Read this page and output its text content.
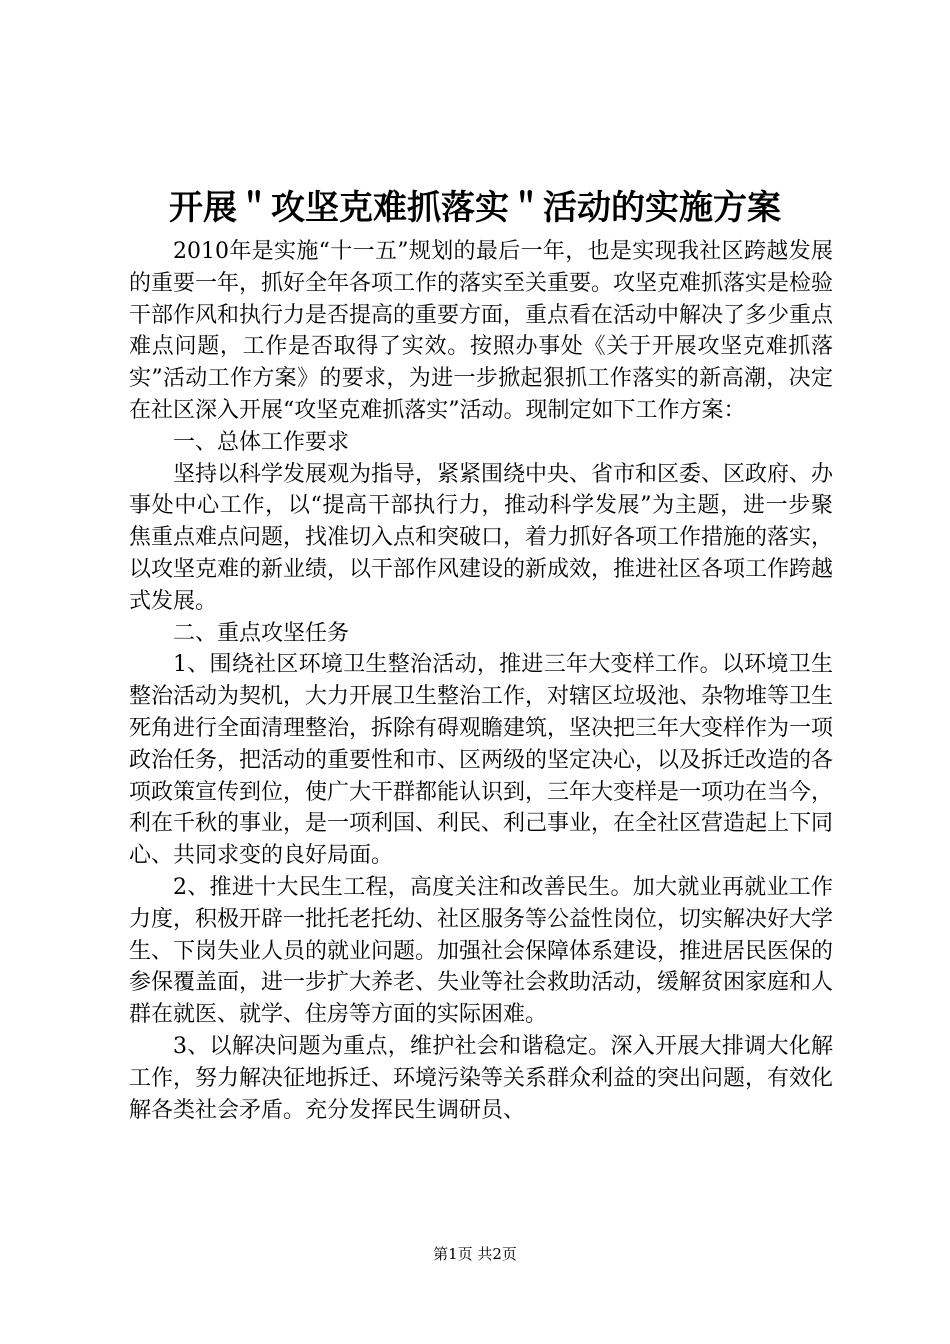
开展＂攻坚克难抓落实＂活动的实施方案

2010年是实施“十一五”规划的最后一年，也是实现我社区跨越发展的重要一年，抓好全年各项工作的落实至关重要。攻坚克难抓落实是检验干部作风和执行力是否提高的重要方面，重点看在活动中解决了多少重点难点问题，工作是否取得了实效。按照办事处《关于开展攻坚克难抓落实”活动工作方案》的要求，为进一步掀起狠抓工作落实的新高潮，决定在社区深入开展“攻坚克难抓落实”活动。现制定如下工作方案：

一、总体工作要求

坚持以科学发展观为指导，紧紧围绕中央、省市和区委、区政府、办事处中心工作，以“提高干部执行力，推动科学发展”为主题，进一步聚焦重点难点问题，找准切入点和突破口，着力抓好各项工作措施的落实，以攻坚克难的新业绩，以干部作风建设的新成效，推进社区各项工作跨越式发展。

二、重点攻坚任务

1、围绕社区环境卫生整治活动，推进三年大变样工作。以环境卫生整治活动为契机，大力开展卫生整治工作，对辖区垃圾池、杂物堆等卫生死角进行全面清理整治，拆除有碍观瞻建筑，坚决把三年大变样作为一项政治任务，把活动的重要性和市、区两级的坚定决心，以及拆迁改造的各项政策宣传到位，使广大干群都能认识到，三年大变样是一项功在当今，利在千秋的事业，是一项利国、利民、利己事业，在全社区营造起上下同心、共同求变的良好局面。

2、推进十大民生工程，高度关注和改善民生。加大就业再就业工作力度，积极开辟一批托老托幼、社区服务等公益性岗位，切实解决好大学生、下岗失业人员的就业问题。加强社会保障体系建设，推进居民医保的参保覆盖面，进一步扩大养老、失业等社会救助活动，缓解贫困家庭和人群在就医、就学、住房等方面的实际困难。

3、以解决问题为重点，维护社会和谐稳定。深入开展大排调大化解工作，努力解决征地拆迁、环境污染等关系群众利益的突出问题，有效化解各类社会矛盾。充分发挥民生调研员、

第1页 共2页
